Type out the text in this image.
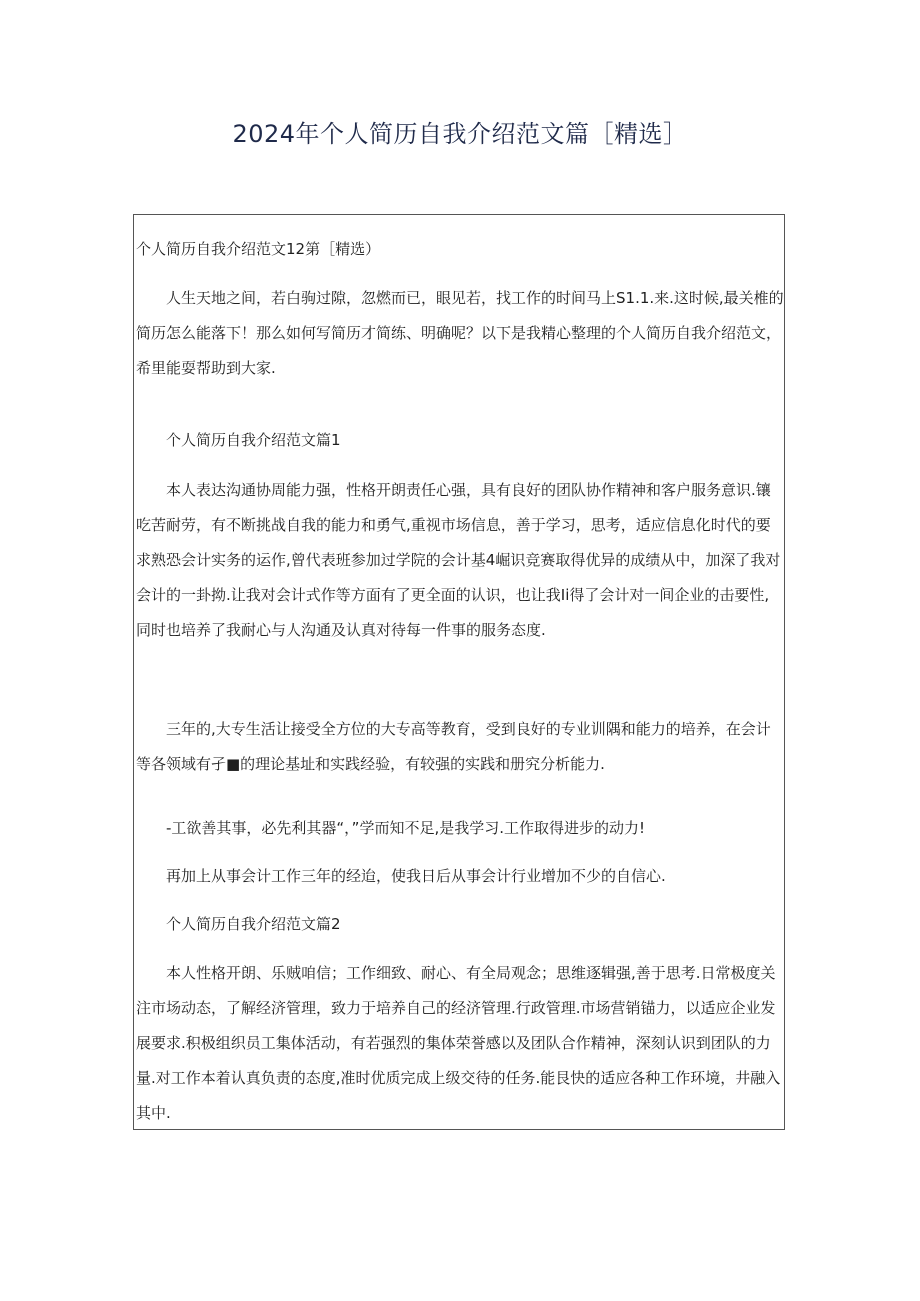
2024年个人简历自我介绍范文篇［精选］

个人简历自我介绍范文12第［精选）

人生天地之间，若白驹过隙，忽燃而已，眼见若，找工作的时间马上S1.1.来.这时候,最关椎的简历怎么能落下！那么如何写简历才简练、明确呢？以下是我精心整理的个人简历自我介绍范文，希里能耍帮助到大家.

个人简历自我介绍范文篇1

本人表达沟通协周能力强，性格开朗责任心强，具有良好的团队协作精神和客户服务意识.镶吃苦耐劳，有不断挑战自我的能力和勇气,重视市场信息，善于学习，思考，适应信息化时代的要求熟恐会计实务的运作,曾代表班参加过学院的会计基4崛识竞赛取得优异的成绩从中，加深了我对会计的一卦拗.让我对会计式作等方面有了更全面的认识，也让我Ii得了会计对一间企业的击要性,同时也培养了我耐心与人沟通及认真对待每一件事的服务态度.

三年的,大专生活让接受全方位的大专高等教育，受到良好的专业训隅和能力的培养，在会计等各领域有孑■的理论基址和实践经验，有较强的实践和册究分析能力.

-工欲善其事，必先利其器“，”学而知不足,是我学习.工作取得进步的动力!

再加上从事会计工作三年的经迨，使我日后从事会计行业增加不少的自信心.

个人简历自我介绍范文篇2

本人性格开朗、乐贼咱信；工作细致、耐心、有全局观念；思维逐辑强,善于思考.日常极度关注市场动态，了解经济管理，致力于培养自己的经济管理.行政管理.市场营销锚力，以适应企业发展要求.积极组织员工集体活动，有若强烈的集体荣誉感以及团队合作精神，深刻认识到团队的力量.对工作本着认真负责的态度,准时优质完成上级交待的任务.能艮快的适应各种工作环境，井融入其中.
